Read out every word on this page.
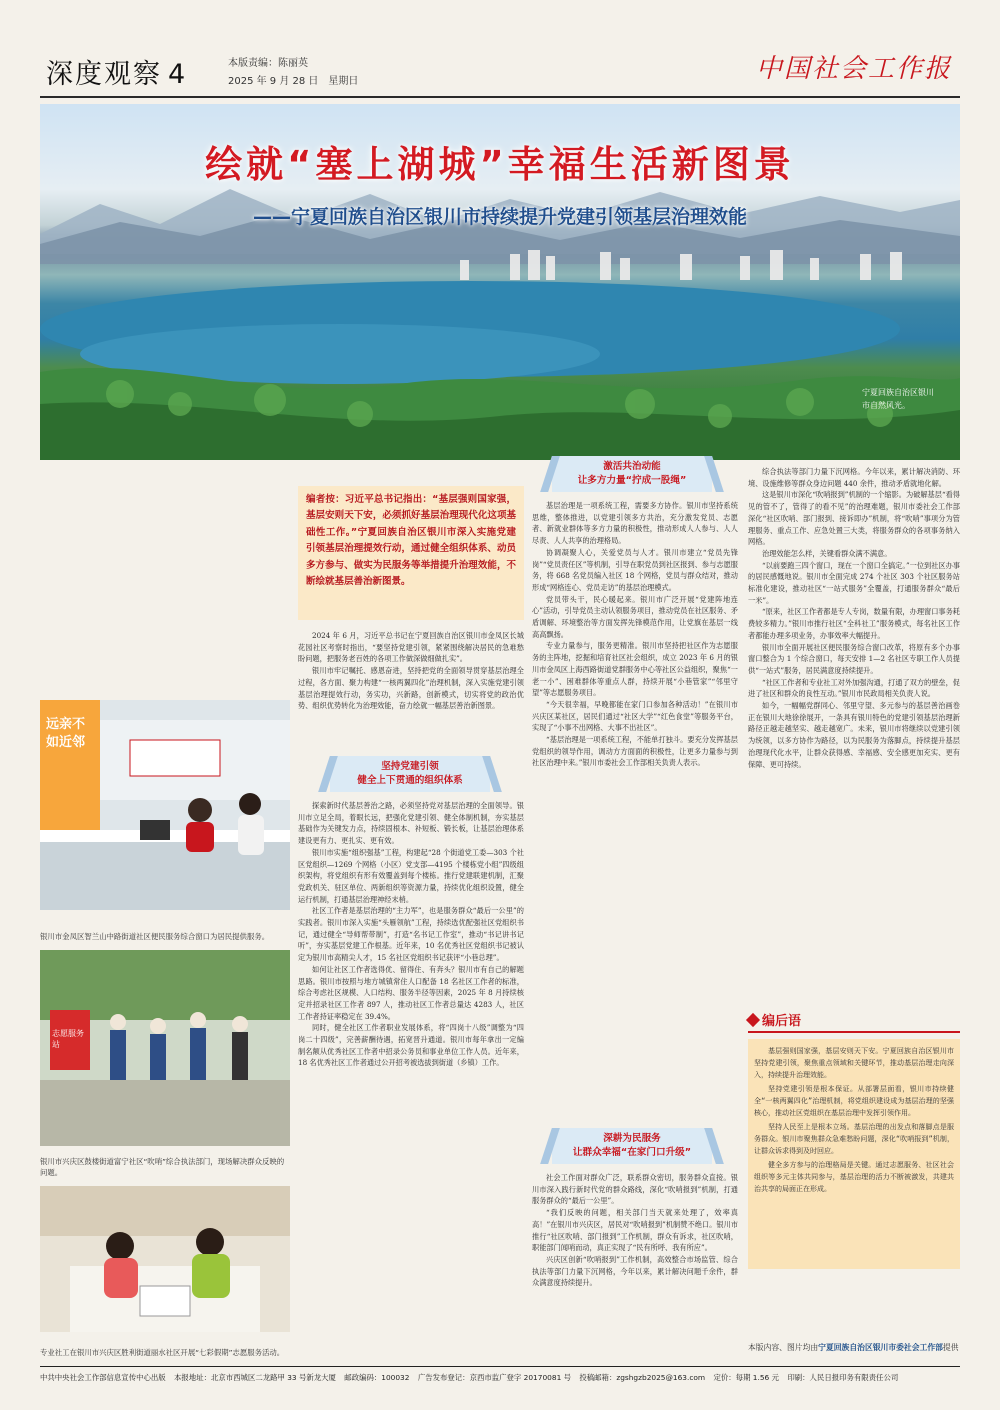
深度观察 4	本版责编：陈丽英
2025 年 9 月 28 日　星期日	中国社会工作报
绘就“塞上湖城”幸福生活新图景
——宁夏回族自治区银川市持续提升党建引领基层治理效能
宁夏回族自治区银川市自然风光。
编者按：习近平总书记指出：“基层强则国家强，基层安则天下安，必须抓好基层治理现代化这项基础性工作。”宁夏回族自治区银川市深入实施党建引领基层治理提效行动，通过健全组织体系、动员多方参与、做实为民服务等举措提升治理效能，不断绘就基层善治新图景。

2024 年 6 月，习近平总书记在宁夏回族自治区银川市金凤区长城花园社区考察时指出，“要坚持党建引领，紧紧围绕解决居民的急难愁盼问题，把服务老百姓的各项工作做深做细做扎实”。

银川市牢记嘱托、感恩奋进，坚持把党的全面领导贯穿基层治理全过程，各方面、聚力构建“一核两翼四化”治理机制，深入实施党建引领基层治理提效行动，务实功，兴新路，创新模式，切实将党的政治优势、组织优势转化为治理效能，奋力绘就一幅基层善治新图景。

坚持党建引领
健全上下贯通的组织体系

探索新时代基层善治之路，必须坚持党对基层治理的全面领导。银川市立足全局，着眼长远，把强化党建引领、健全体制机制，夯实基层基础作为关键发力点，持续固根本、补短板、锻长板，让基层治理体系建设更有力、更扎实、更有效。

银川市实施“组织强基”工程，构建起“28 个街道党工委—303 个社区党组织—1269 个网格（小区）党支部—4195 个楼栋党小组”四级组织架构，将党组织有形有效覆盖到每个楼栋。推行党建联建机制，汇聚党政机关、驻区单位、两新组织等资源力量，持续优化组织设置，健全运行机制，打通基层治理神经末梢。

社区工作者是基层治理的“主力军”，也是服务群众“最后一公里”的实践者。银川市深入实施“头雁领航”工程，持续选优配强社区党组织书记，通过健全“导师帮带制”，打造“名书记工作室”，推动“书记讲书记听”，夯实基层党建工作根基。近年来，10 名优秀社区党组织书记被认定为银川市高精尖人才，15 名社区党组织书记获评“小巷总理”。

如何让社区工作者选得优、留得住、有奔头？银川市有自己的解题思路。银川市按照与地方城镇常住人口配备 18 名社区工作者的标准，综合考虑社区规模、人口结构、服务半径等因素，2025 年 8 月持续核定并招录社区工作者 897 人，推动社区工作者总量达 4283 人，社区工作者持证率稳定在 39.4%。

同时，健全社区工作者职业发展体系，将“四岗十八级”调整为“四岗二十四级”，完善薪酬待遇，拓宽晋升通道。银川市每年拿出一定编制名额从优秀社区工作者中招录公务员和事业单位工作人员。近年来，18 名优秀社区工作者通过公开招考被选拔到街道（乡镇）工作。

远亲不如近邻
银川市金凤区智兰山中路街道社区便民服务综合窗口为居民提供服务。
志愿服务站
银川市兴庆区鼓楼街道富宁社区“吹哨”综合执法部门，现场解决群众反映的问题。
专业社工在银川市兴庆区胜利街道丽水社区开展“七彩假期”志愿服务活动。
激活共治动能
让多方力量“拧成一股绳”

基层治理是一项系统工程，需要多方协作。银川市坚持系统思维，整体推进，以党建引领多方共治，充分激发党员、志愿者、新就业群体等多方力量的积极性，推动形成人人参与、人人尽责、人人共享的治理格局。

协调凝聚人心，关爱党员与人才。银川市建立“党员先锋岗”“党员责任区”等机制，引导在职党员到社区报到、参与志愿服务，将 668 名党员编入社区 18 个网格，党员与群众结对，推动形成“网格连心、党员走访”的基层治理模式。

党员带头干，民心暖起来。银川市广泛开展“党建阵地连心”活动，引导党员主动认领服务项目，推动党员在社区服务、矛盾调解、环境整治等方面发挥先锋模范作用，让党旗在基层一线高高飘扬。

专业力量参与，服务更精准。银川市坚持把社区作为志愿服务的主阵地，挖掘和培育社区社会组织，成立 2023 年 6 月的银川市金凤区上海西路街道党群服务中心等社区公益组织，聚焦“一老一小”、困难群体等重点人群，持续开展“小巷管家”“邻里守望”等志愿服务项目。

“今天很幸福，早晚都能在家门口参加各种活动！”在银川市兴庆区某社区，居民们通过“社区大学”“红色食堂”等服务平台，实现了“小事不出网格、大事不出社区”。

“基层治理是一项系统工程，不能单打独斗。要充分发挥基层党组织的领导作用，调动方方面面的积极性，让更多力量参与到社区治理中来。”银川市委社会工作部相关负责人表示。

深耕为民服务
让群众幸福“在家门口升级”

社会工作面对群众广泛，联系群众密切，服务群众直接。银川市深入践行新时代党的群众路线，深化“吹哨报到”机制，打通服务群众的“最后一公里”。

“我们反映的问题，相关部门当天就来处理了，效率真高！”在银川市兴庆区，居民对“吹哨报到”机制赞不绝口。银川市推行“社区吹哨、部门报到”工作机制，群众有诉求，社区吹哨，职能部门闻哨而动，真正实现了“民有所呼、我有所应”。

兴庆区创新“吹哨报到”工作机制，高效整合市场监管、综合执法等部门力量下沉网格，今年以来，累计解决问题千余件，群众满意度持续提升。

综合执法等部门力量下沉网格。今年以来，累计解决消防、环境、设施维修等群众身边问题 440 余件，推动矛盾就地化解。

这是银川市深化“吹哨报到”机制的一个缩影。为破解基层“看得见的管不了，管得了的看不见”的治理难题，银川市委社会工作部深化“社区吹哨、部门报到、接诉即办”机制，将“吹哨”事项分为管理服务、重点工作、应急处置三大类，将服务群众的各项事务纳入网格。

治理效能怎么样，关键看群众满不满意。

“以前要跑三四个窗口，现在一个窗口全搞定。”一位到社区办事的居民感慨地说。银川市全面完成 274 个社区 303 个社区服务站标准化建设，推动社区“一站式服务”全覆盖，打通服务群众“最后一米”。

“原来，社区工作者都是专人专岗，数量有限，办理窗口事务耗费较多精力。”银川市推行社区“全科社工”服务模式，每名社区工作者都能办理多项业务，办事效率大幅提升。

银川市全面开展社区便民服务综合窗口改革，将原有多个办事窗口整合为 1 个综合窗口，每天安排 1—2 名社区专职工作人员提供“一站式”服务，居民满意度持续提升。

“社区工作者和专业社工对外加强沟通，打通了双方的壁垒，促进了社区和群众的良性互动。”银川市民政局相关负责人说。

如今，一幅幅党群同心、邻里守望、多元参与的基层善治画卷正在银川大地徐徐展开，一条具有银川特色的党建引领基层治理新路径正越走越坚实、越走越宽广。未来，银川市将继续以党建引领为统领，以多方协作为路径，以为民服务为落脚点，持续提升基层治理现代化水平，让群众获得感、幸福感、安全感更加充实、更有保障、更可持续。

编后语

基层强则国家强，基层安则天下安。宁夏回族自治区银川市坚持党建引领，聚焦重点领域和关键环节，推动基层治理走向深入，持续提升治理效能。

坚持党建引领是根本保证。从部署层面看，银川市持续健全“一核两翼四化”治理机制，将党组织建设成为基层治理的坚强核心，推动社区党组织在基层治理中发挥引领作用。

坚持人民至上是根本立场。基层治理的出发点和落脚点是服务群众。银川市聚焦群众急难愁盼问题，深化“吹哨报到”机制，让群众诉求得到及时回应。

健全多方参与的治理格局是关键。通过志愿服务、社区社会组织等多元主体共同参与，基层治理的活力不断被激发，共建共治共享的局面正在形成。

本版内容、图片均由宁夏回族自治区银川市委社会工作部提供
中共中央社会工作部信息宣传中心出版 本报地址：北京市西城区二龙路甲 33 号新龙大厦 邮政编码：100032 广告发布登记：京西市监广登字 20170081 号 投稿邮箱：zgshgzb2025@163.com 定价：每期 1.56 元 印刷：人民日报印务有限责任公司
